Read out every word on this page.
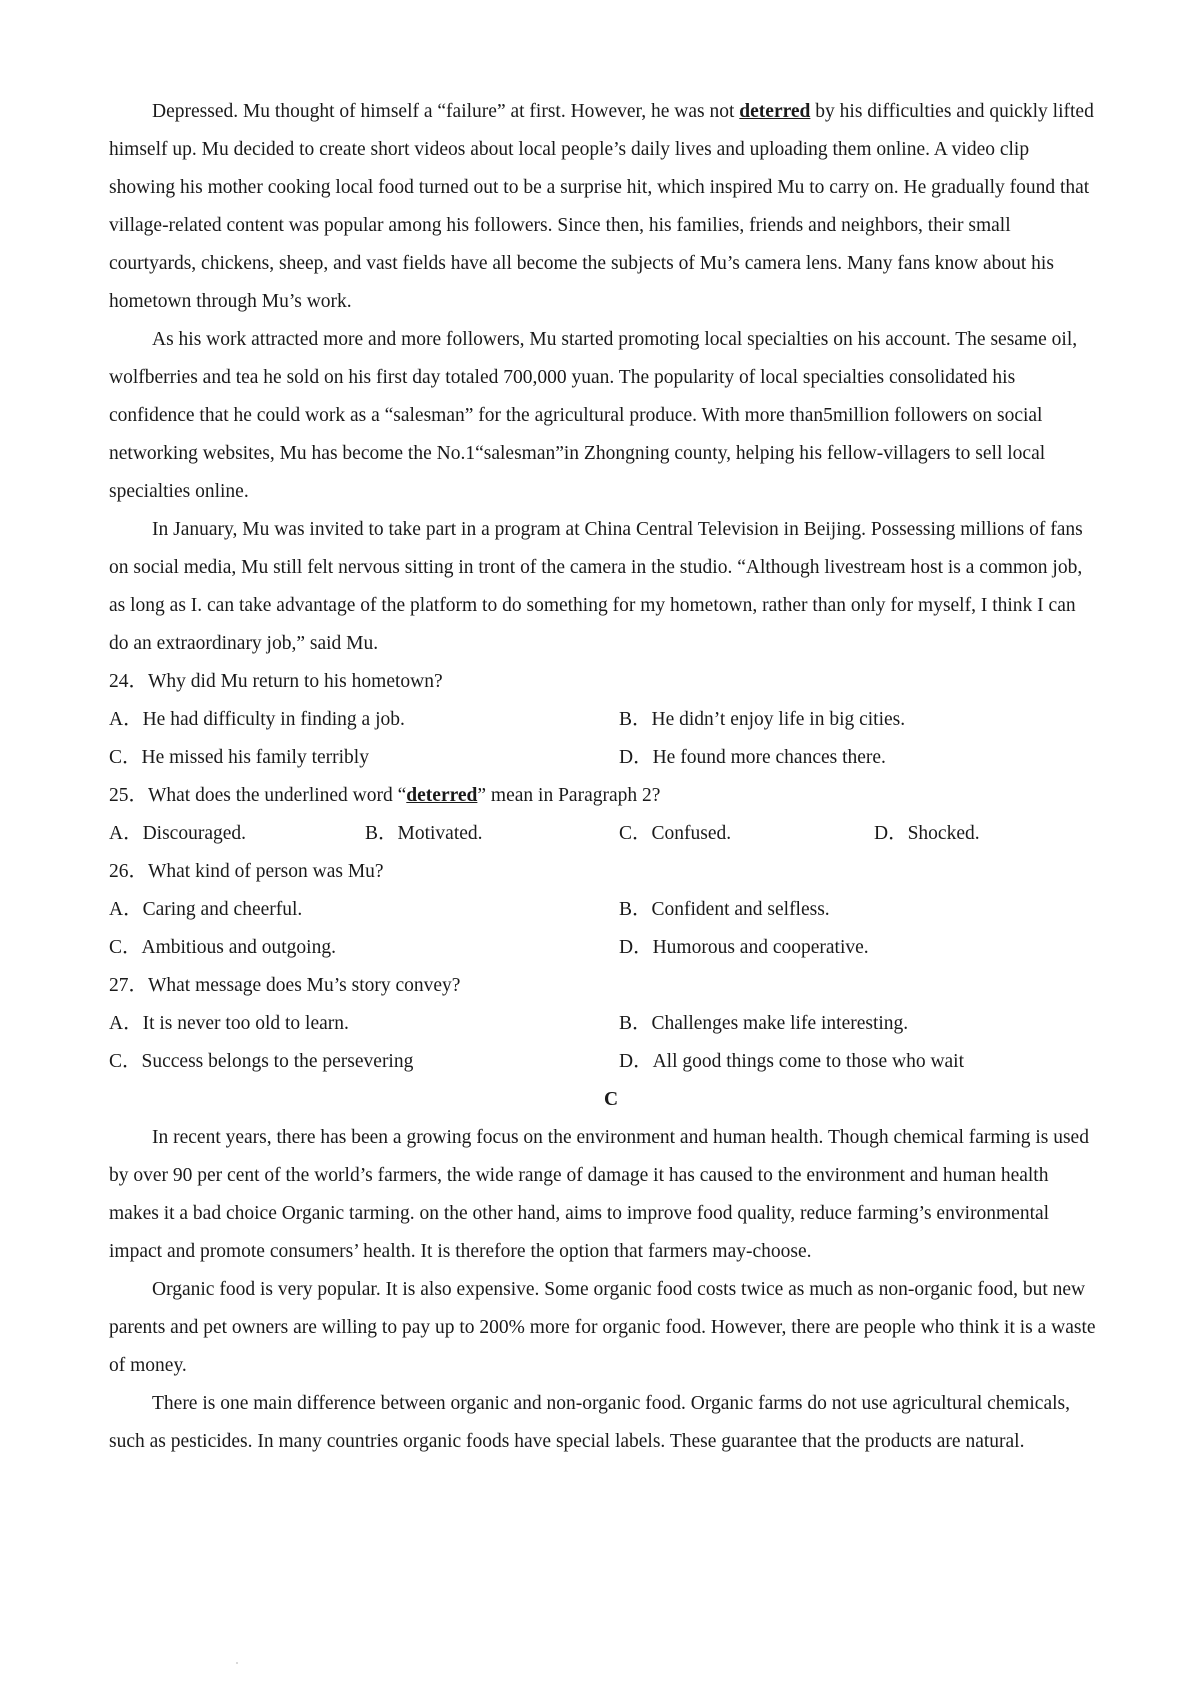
Depressed. Mu thought of himself a “failure” at first. However, he was not deterred by his difficulties and quickly lifted himself up. Mu decided to create short videos about local people’s daily lives and uploading them online. A video clip showing his mother cooking local food turned out to be a surprise hit, which inspired Mu to carry on. He gradually found that village-related content was popular among his followers. Since then, his families, friends and neighbors, their small courtyards, chickens, sheep, and vast fields have all become the subjects of Mu’s camera lens. Many fans know about his hometown through Mu’s work.

As his work attracted more and more followers, Mu started promoting local specialties on his account. The sesame oil, wolfberries and tea he sold on his first day totaled 700,000 yuan. The popularity of local specialties consolidated his confidence that he could work as a “salesman” for the agricultural produce. With more than5million followers on social networking websites, Mu has become the No.1“salesman”in Zhongning county, helping his fellow-villagers to sell local specialties online.

In January, Mu was invited to take part in a program at China Central Television in Beijing. Possessing millions of fans on social media, Mu still felt nervous sitting in tront of the camera in the studio. “Although livestream host is a common job, as long as I. can take advantage of the platform to do something for my hometown, rather than only for myself, I think I can do an extraordinary job,” said Mu.

24．Why did Mu return to his hometown?
A．He had difficulty in finding a job.	B．He didn’t enjoy life in big cities.
C．He missed his family terribly	D．He found more chances there.
25．What does the underlined word “deterred” mean in Paragraph 2?
A．Discouraged.	B．Motivated.	C．Confused.	D．Shocked.
26．What kind of person was Mu?
A．Caring and cheerful.	B．Confident and selfless.
C．Ambitious and outgoing.	D．Humorous and cooperative.
27．What message does Mu’s story convey?
A．It is never too old to learn.	B．Challenges make life interesting.
C．Success belongs to the persevering	D．All good things come to those who wait
C

In recent years, there has been a growing focus on the environment and human health. Though chemical farming is used by over 90 per cent of the world’s farmers, the wide range of damage it has caused to the environment and human health makes it a bad choice Organic tarming. on the other hand, aims to improve food quality, reduce farming’s environmental impact and promote consumers’ health. It is therefore the option that farmers may-choose.

Organic food is very popular. It is also expensive. Some organic food costs twice as much as non-organic food, but new parents and pet owners are willing to pay up to 200% more for organic food. However, there are people who think it is a waste of money.

There is one main difference between organic and non-organic food. Organic farms do not use agricultural chemicals, such as pesticides. In many countries organic foods have special labels. These guarantee that the products are natural.
